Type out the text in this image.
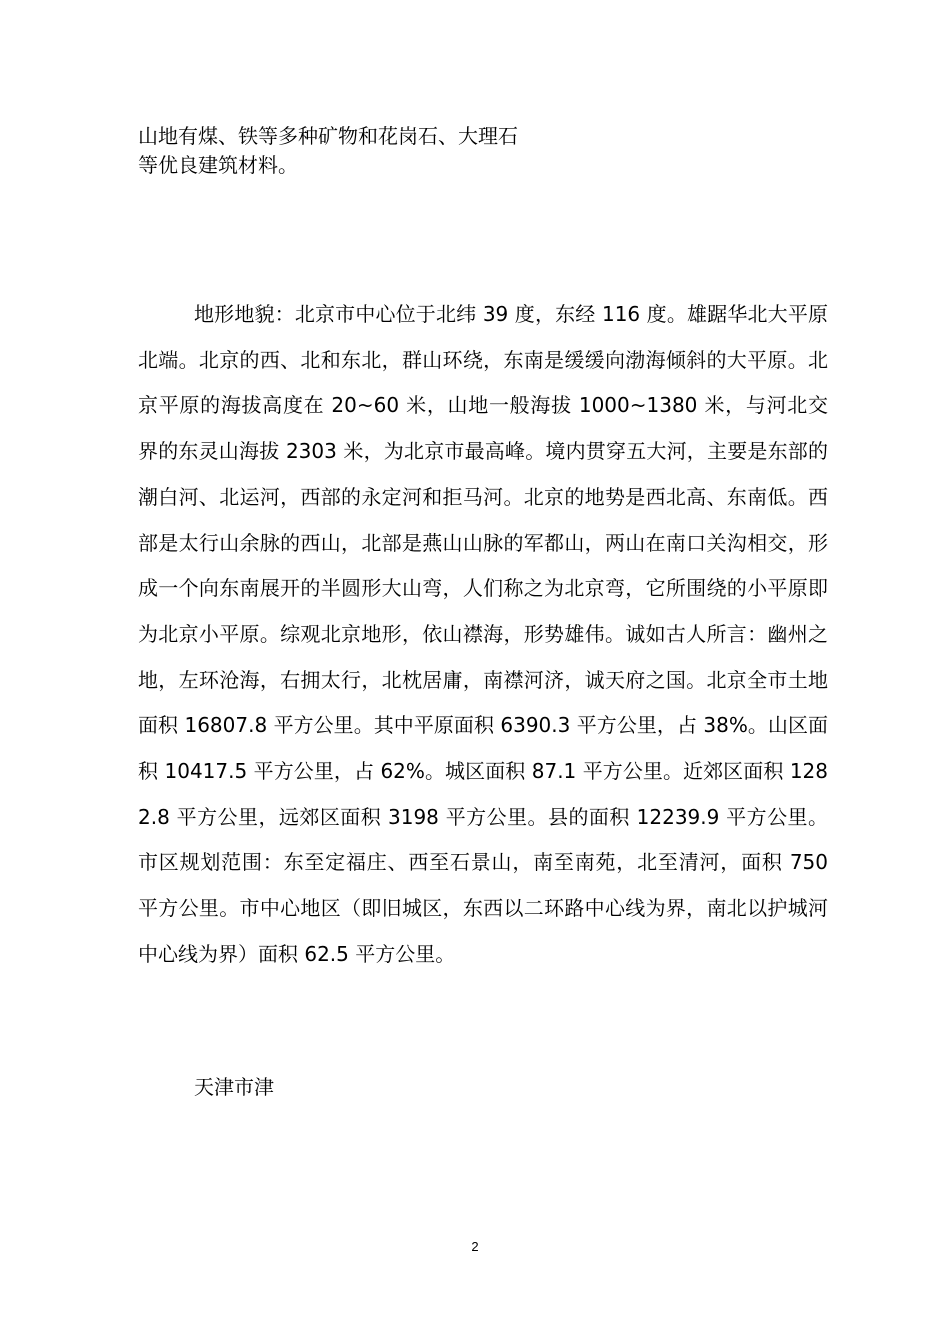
山地有煤、铁等多种矿物和花岗石、大理石

等优良建筑材料。

地形地貌：北京市中心位于北纬 39 度，东经 116 度。雄踞华北大平原北端。北京的西、北和东北，群山环绕，东南是缓缓向渤海倾斜的大平原。北京平原的海拔高度在 20~60 米，山地一般海拔 1000~1380 米，与河北交界的东灵山海拔 2303 米，为北京市最高峰。境内贯穿五大河，主要是东部的潮白河、北运河，西部的永定河和拒马河。北京的地势是西北高、东南低。西部是太行山余脉的西山，北部是燕山山脉的军都山，两山在南口关沟相交，形成一个向东南展开的半圆形大山弯，人们称之为北京弯，它所围绕的小平原即为北京小平原。综观北京地形，依山襟海，形势雄伟。诚如古人所言：幽州之地，左环沧海，右拥太行，北枕居庸，南襟河济，诚天府之国。北京全市土地面积 16807.8 平方公里。其中平原面积 6390.3 平方公里，占 38%。山区面积 10417.5 平方公里，占 62%。城区面积 87.1 平方公里。近郊区面积 1282.8 平方公里，远郊区面积 3198 平方公里。县的面积 12239.9 平方公里。市区规划范围：东至定福庄、西至石景山，南至南苑，北至清河，面积 750 平方公里。市中心地区（即旧城区，东西以二环路中心线为界，南北以护城河中心线为界）面积 62.5 平方公里。

天津市津

2
